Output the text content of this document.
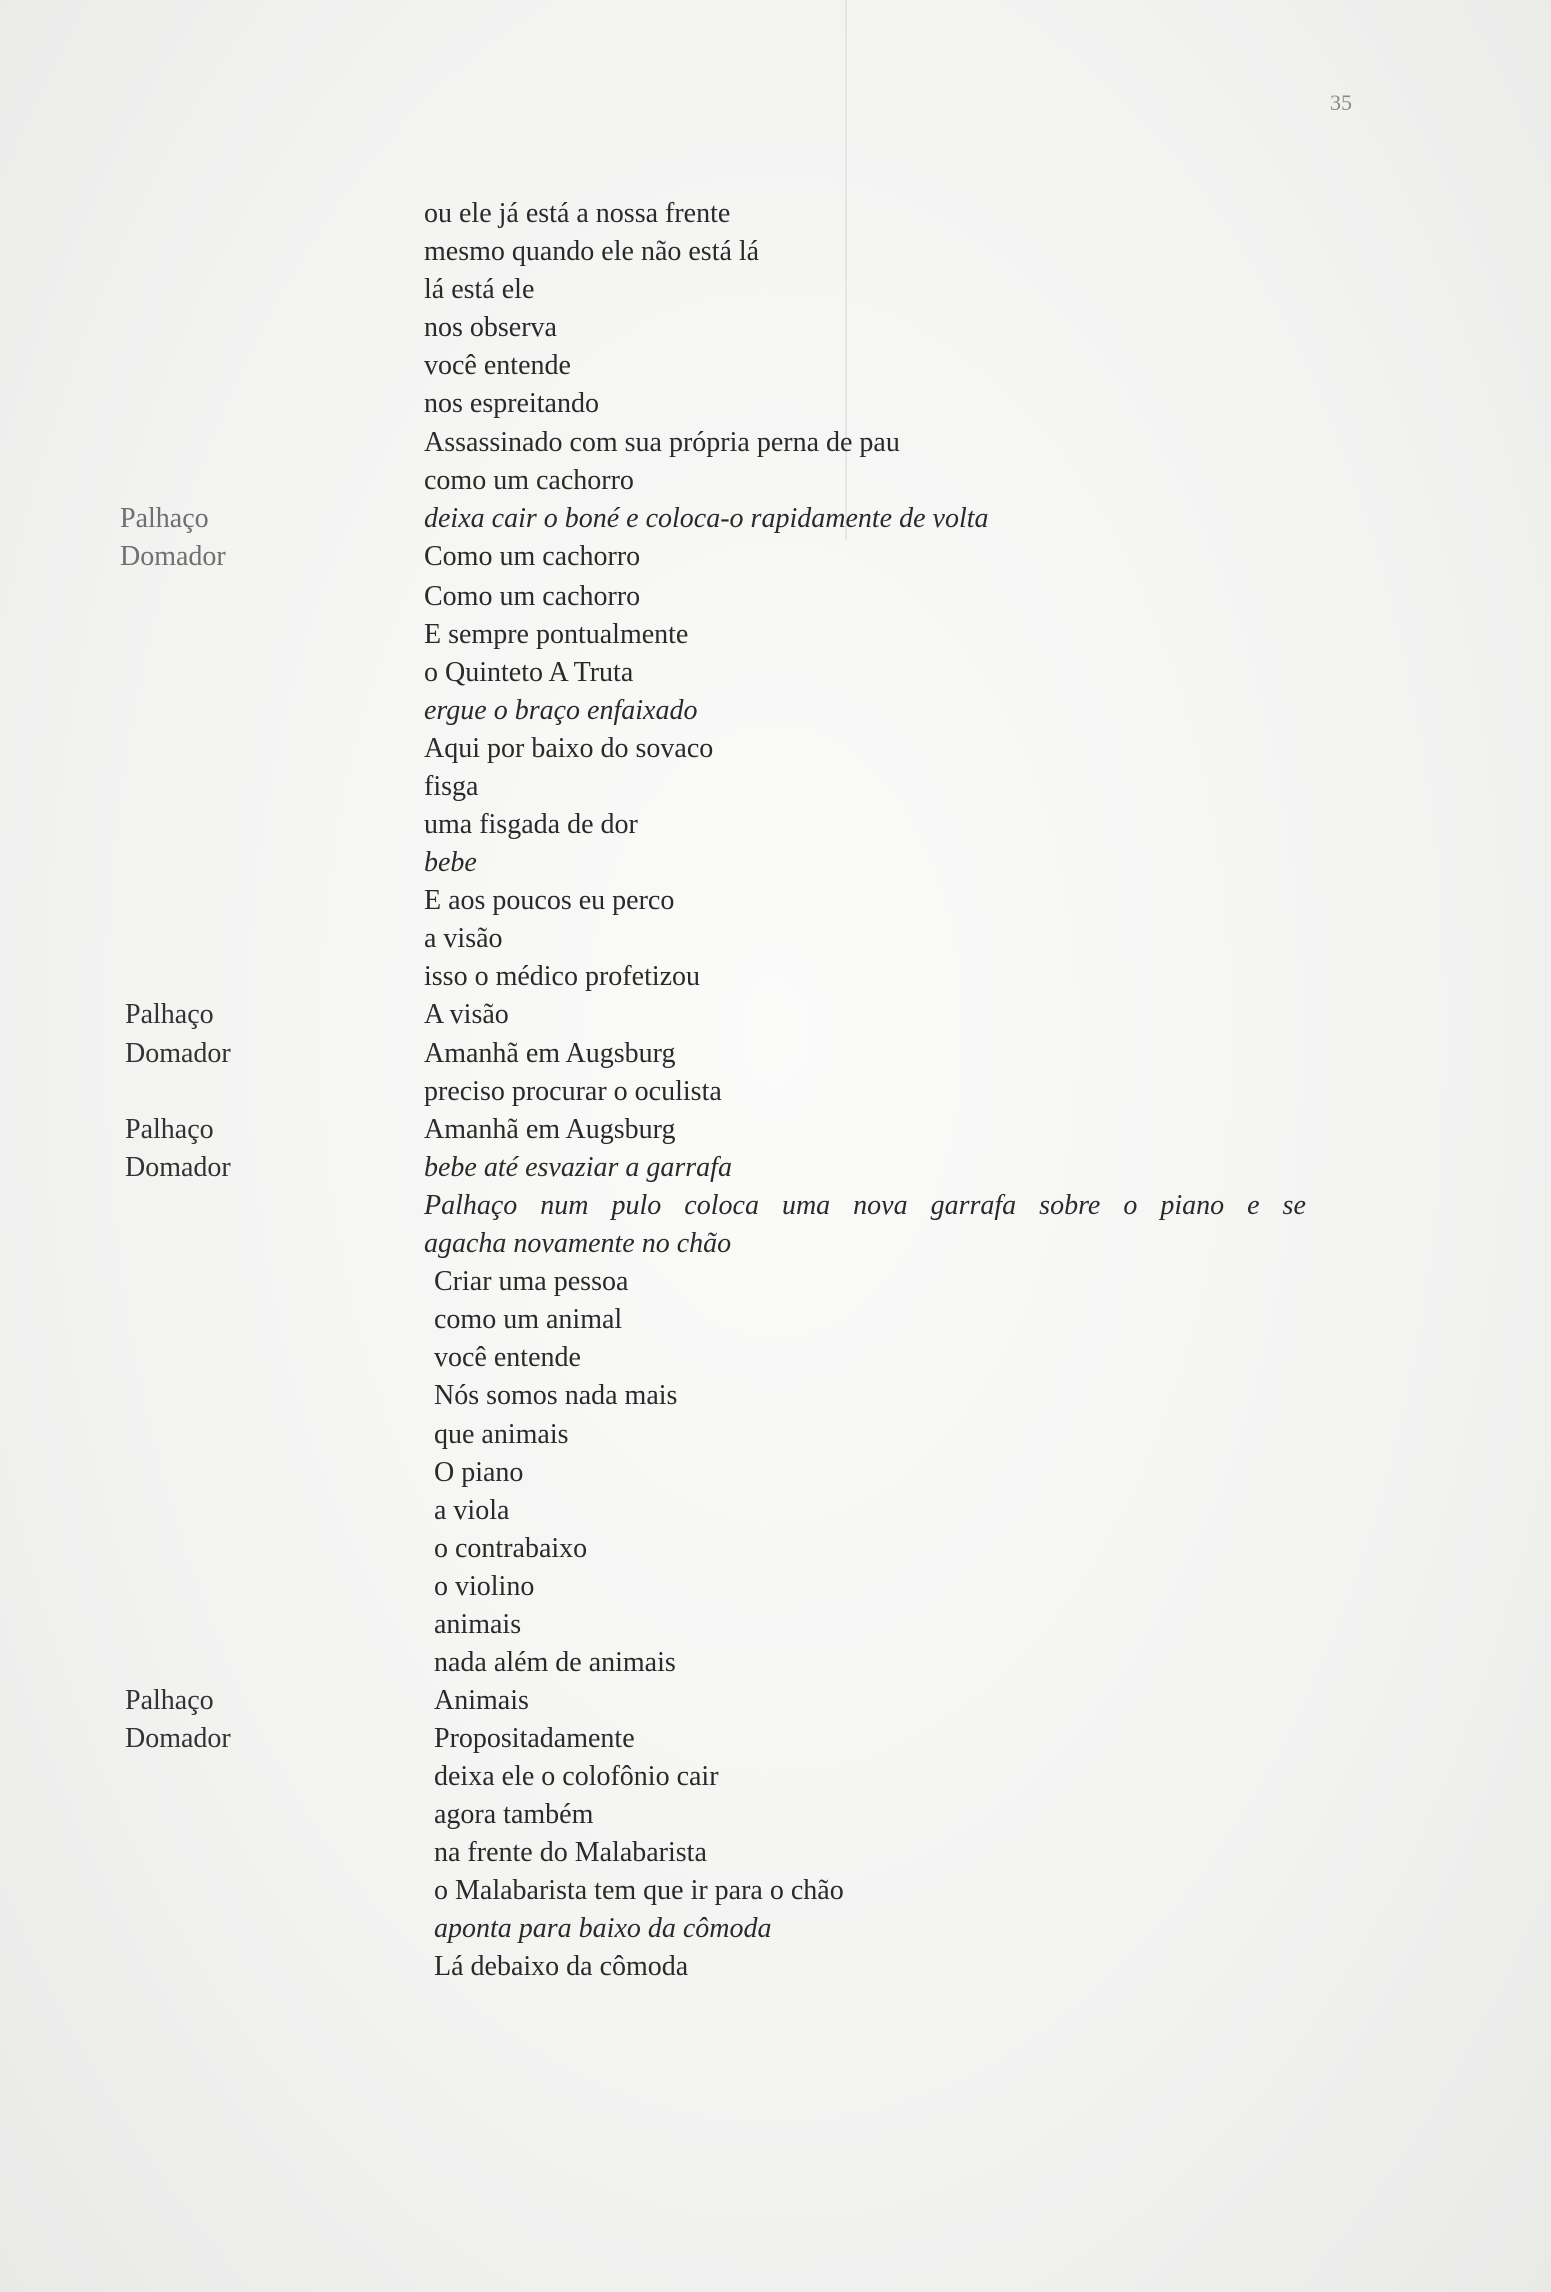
35
ou ele já está a nossa frente
mesmo quando ele não está lá
lá está ele
nos observa
você entende
nos espreitando
Assassinado com sua própria perna de pau
como um cachorro
deixa cair o boné e coloca-o rapidamente de volta
Como um cachorro
Como um cachorro
E sempre pontualmente
o Quinteto A Truta
ergue o braço enfaixado
Aqui por baixo do sovaco
fisga
uma fisgada de dor
bebe
E aos poucos eu perco
a visão
isso o médico profetizou
A visão
Amanhã em Augsburg
preciso procurar o oculista
Amanhã em Augsburg
bebe até esvaziar a garrafa
Palhaço num pulo coloca uma nova garrafa sobre o piano e se
agacha novamente no chão
Criar uma pessoa
como um animal
você entende
Nós somos nada mais
que animais
O piano
a viola
o contrabaixo
o violino
animais
nada além de animais
Animais
Propositadamente
deixa ele o colofônio cair
agora também
na frente do Malabarista
o Malabarista tem que ir para o chão
aponta para baixo da cômoda
Lá debaixo da cômoda
Palhaço
Domador
Palhaço
Domador
Palhaço
Domador
Palhaço
Domador
